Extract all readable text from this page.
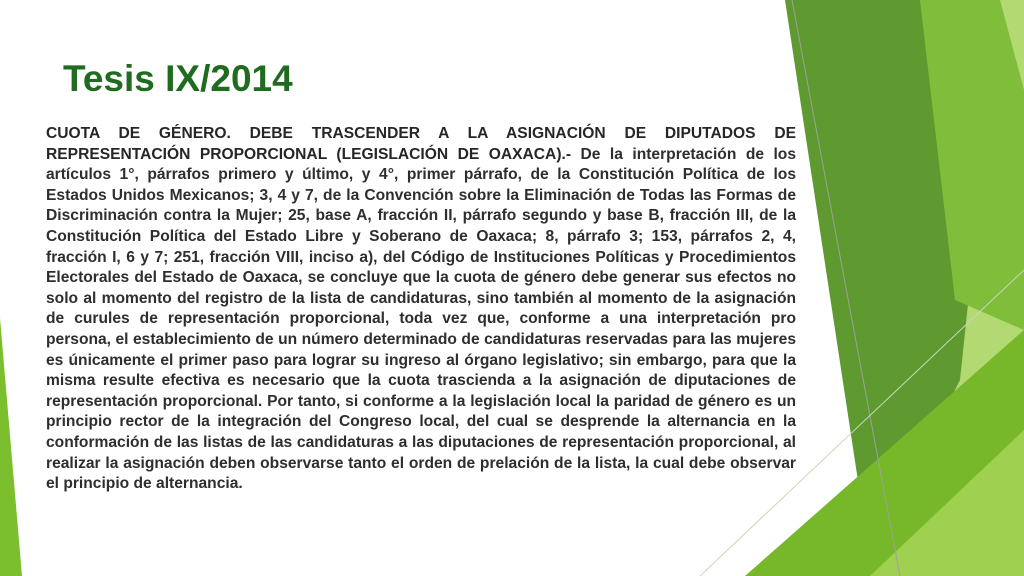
Tesis IX/2014

CUOTA DE GÉNERO. DEBE TRASCENDER A LA ASIGNACIÓN DE DIPUTADOS DE REPRESENTACIÓN PROPORCIONAL (LEGISLACIÓN DE OAXACA).- De la interpretación de los artículos 1°, párrafos primero y último, y 4°, primer párrafo, de la Constitución Política de los Estados Unidos Mexicanos; 3, 4 y 7, de la Convención sobre la Eliminación de Todas las Formas de Discriminación contra la Mujer; 25, base A, fracción II, párrafo segundo y base B, fracción III, de la Constitución Política del Estado Libre y Soberano de Oaxaca; 8, párrafo 3; 153, párrafos 2, 4, fracción I, 6 y 7; 251, fracción VIII, inciso a), del Código de Instituciones Políticas y Procedimientos Electorales del Estado de Oaxaca, se concluye que la cuota de género debe generar sus efectos no solo al momento del registro de la lista de candidaturas, sino también al momento de la asignación de curules de representación proporcional, toda vez que, conforme a una interpretación pro persona, el establecimiento de un número determinado de candidaturas reservadas para las mujeres es únicamente el primer paso para lograr su ingreso al órgano legislativo; sin embargo, para que la misma resulte efectiva es necesario que la cuota trascienda a la asignación de diputaciones de representación proporcional. Por tanto, si conforme a la legislación local la paridad de género es un principio rector de la integración del Congreso local, del cual se desprende la alternancia en la conformación de las listas de las candidaturas a las diputaciones de representación proporcional, al realizar la asignación deben observarse tanto el orden de prelación de la lista, la cual debe observar el principio de alternancia.
